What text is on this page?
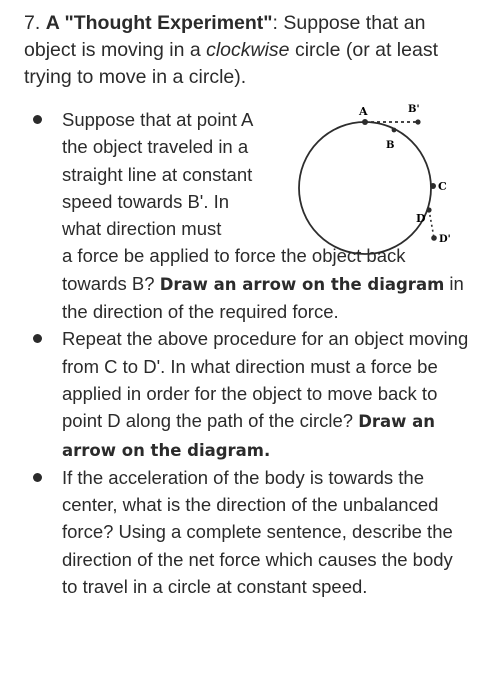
7. A "Thought Experiment": Suppose that an object is moving in a clockwise circle (or at least trying to move in a circle).

A	B'
B
C
D
D'
Suppose that at point A the object traveled in a straight line at constant speed towards B'. In what direction must
a force be applied to force the object back towards B? Draw an arrow on the diagram in the direction of the required force.
Repeat the above procedure for an object moving from C to D'. In what direction must a force be applied in order for the object to move back to point D along the path of the circle? Draw an arrow on the diagram.
If the acceleration of the body is towards the center, what is the direction of the unbalanced force? Using a complete sentence, describe the direction of the net force which causes the body to travel in a circle at constant speed.
